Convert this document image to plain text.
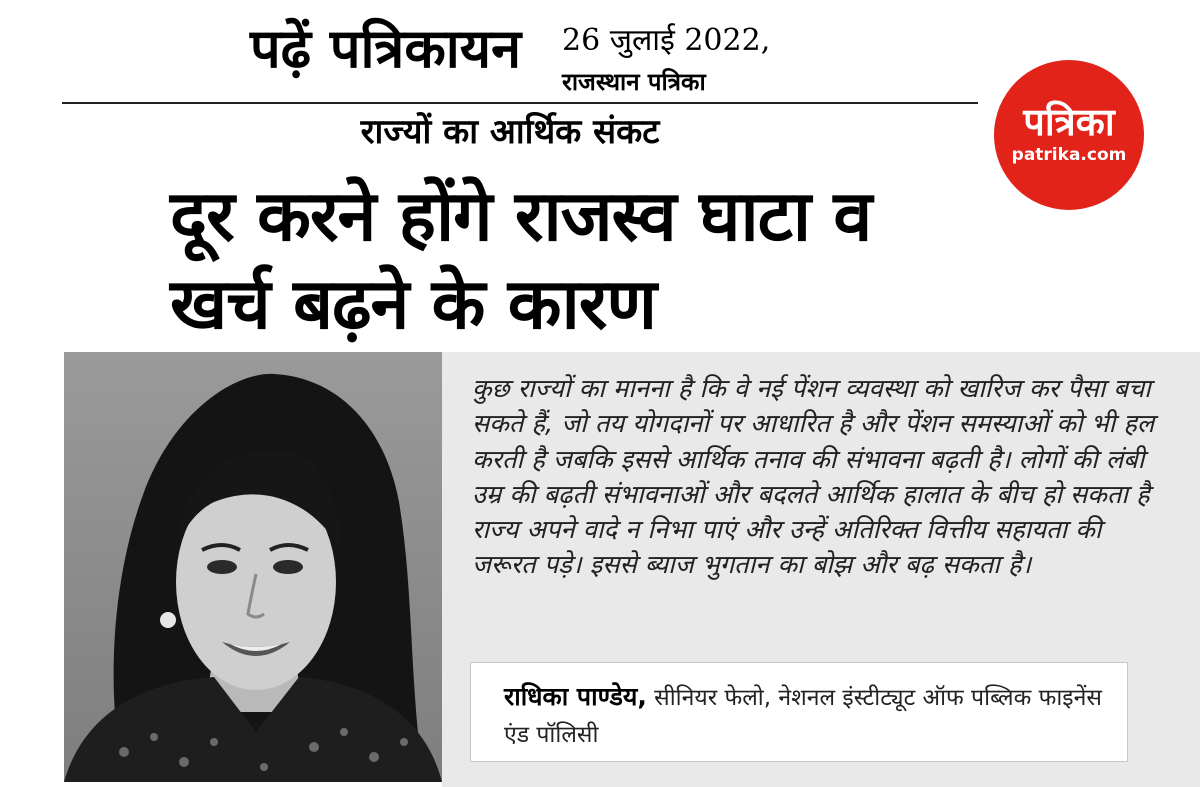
पढ़ें पत्रिकायन 26 जुलाई 2022,
राजस्थान पत्रिका
पत्रिका
patrika.com
राज्यों का आर्थिक संकट
दूर करने होंगे राजस्व घाटा व
खर्च बढ़ने के कारण
कुछ राज्यों का मानना है कि वे नई पेंशन व्यवस्था को खारिज कर पैसा बचा सकते हैं, जो तय योगदानों पर आधारित है और पेंशन समस्याओं को भी हल करती है जबकि इससे आर्थिक तनाव की संभावना बढ़ती है। लोगों की लंबी उम्र की बढ़ती संभावनाओं और बदलते आर्थिक हालात के बीच हो सकता है राज्य अपने वादे न निभा पाएं और उन्हें अतिरिक्त वित्तीय सहायता की जरूरत पड़े। इससे ब्याज भुगतान का बोझ और बढ़ सकता है।
राधिका पाण्डेय, सीनियर फेलो, नेशनल इंस्टीट्यूट ऑफ पब्लिक फाइनेंस एंड पॉलिसी
